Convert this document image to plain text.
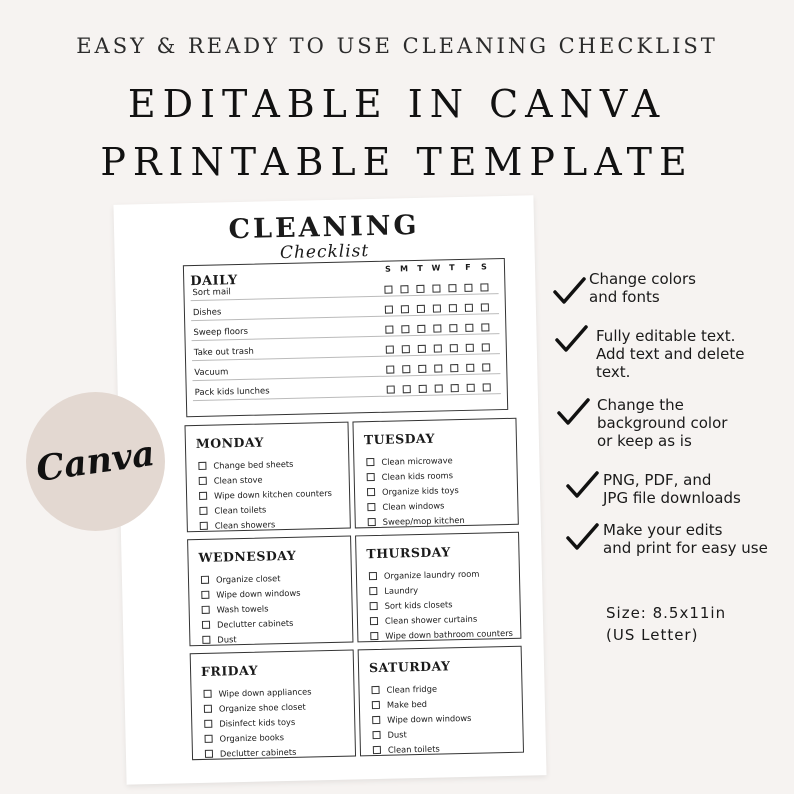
EASY & READY TO USE CLEANING CHECKLIST
EDITABLE IN CANVA
PRINTABLE TEMPLATE
CLEANING
Checklist
DAILY
S	M	T	W	T	F	S
Sort mail
Dishes
Sweep floors
Take out trash
Vacuum
Pack kids lunches
MONDAY
Change bed sheets
Clean stove
Wipe down kitchen counters
Clean toilets
Clean showers
TUESDAY
Clean microwave
Clean kids rooms
Organize kids toys
Clean windows
Sweep/mop kitchen
WEDNESDAY
Organize closet
Wipe down windows
Wash towels
Declutter cabinets
Dust
THURSDAY
Organize laundry room
Laundry
Sort kids closets
Clean shower curtains
Wipe down bathroom counters
FRIDAY
Wipe down appliances
Organize shoe closet
Disinfect kids toys
Organize books
Declutter cabinets
SATURDAY
Clean fridge
Make bed
Wipe down windows
Dust
Clean toilets
Canva
Change colors
and fonts
Fully editable text.
Add text and delete
text.
Change the
background color
or keep as is
PNG, PDF, and
JPG file downloads
Make your edits
and print for easy use
Size: 8.5x11in
(US Letter)
